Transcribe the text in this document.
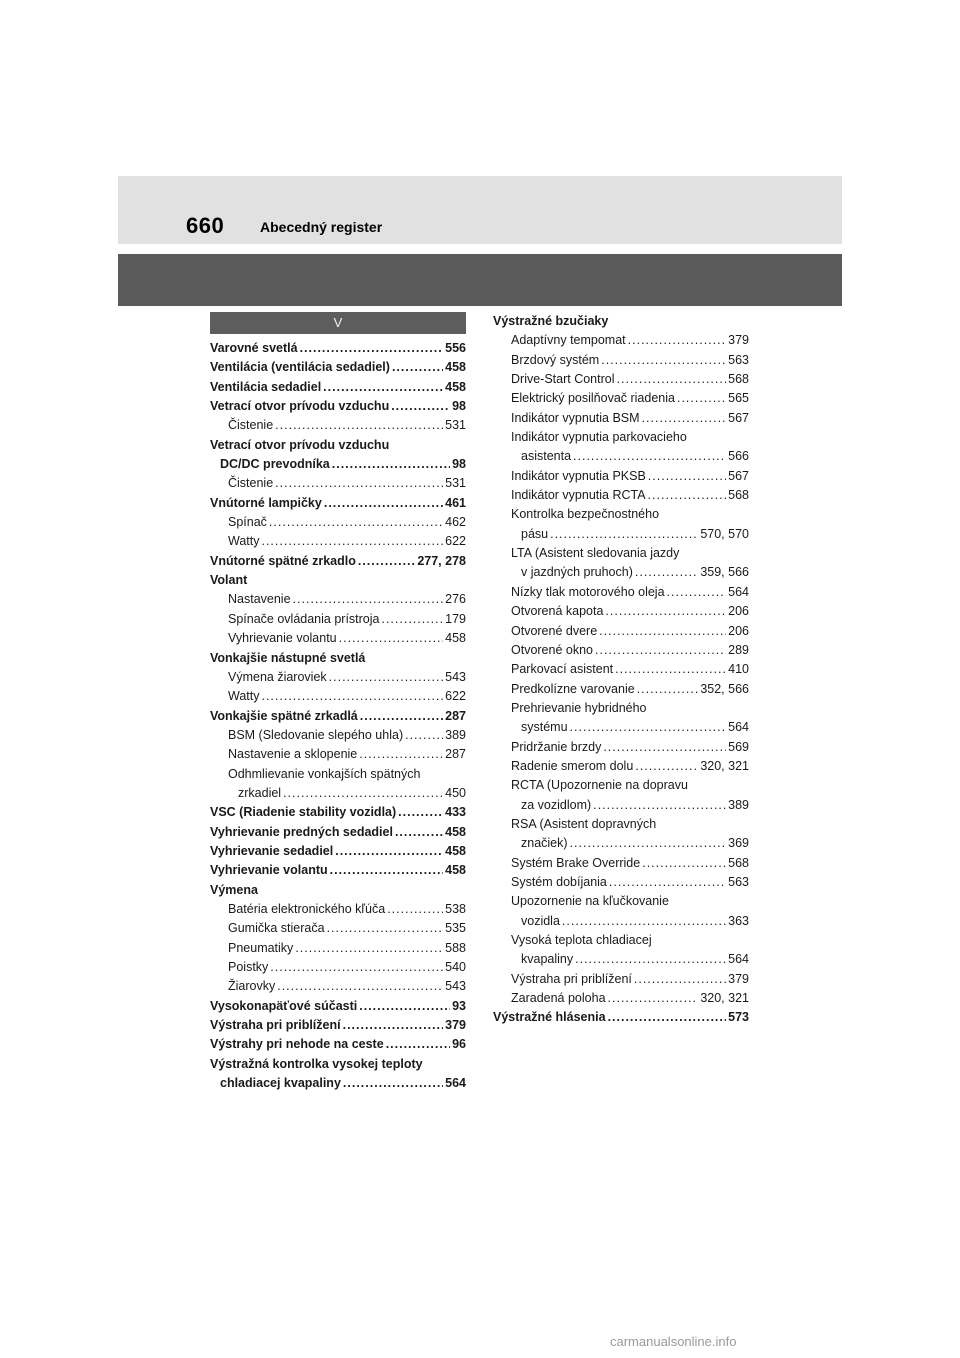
660	Abecedný register
V
Varovné svetlá .....	556
Ventilácia (ventilácia sedadiel) .....	458
Ventilácia sedadiel .....	458
Vetrací otvor prívodu vzduchu .....	98
Čistenie .....	531
Vetrací otvor prívodu vzduchu
DC/DC prevodníka .....	98
Čistenie .....	531
Vnútorné lampičky .....	461
Spínač .....	462
Watty .....	622
Vnútorné spätné zrkadlo .....	277, 278
Volant
Nastavenie .....	276
Spínače ovládania prístroja .....	179
Vyhrievanie volantu .....	458
Vonkajšie nástupné svetlá
Výmena žiaroviek .....	543
Watty .....	622
Vonkajšie spätné zrkadlá .....	287
BSM (Sledovanie slepého uhla) .....	389
Nastavenie a sklopenie .....	287
Odhmlievanie vonkajších spätných
zrkadiel .....	450
VSC (Riadenie stability vozidla) .....	433
Vyhrievanie predných sedadiel .....	458
Vyhrievanie sedadiel .....	458
Vyhrievanie volantu .....	458
Výmena
Batéria elektronického kľúča .....	538
Gumička stierača .....	535
Pneumatiky .....	588
Poistky .....	540
Žiarovky .....	543
Vysokonapäťové súčasti .....	93
Výstraha pri priblížení .....	379
Výstrahy pri nehode na ceste .....	96
Výstražná kontrolka vysokej teploty
chladiacej kvapaliny .....	564
Výstražné bzučiaky
Adaptívny tempomat .....	379
Brzdový systém .....	563
Drive-Start Control .....	568
Elektrický posilňovač riadenia .....	565
Indikátor vypnutia BSM .....	567
Indikátor vypnutia parkovacieho
asistenta .....	566
Indikátor vypnutia PKSB .....	567
Indikátor vypnutia RCTA .....	568
Kontrolka bezpečnostného
pásu .....	570, 570
LTA (Asistent sledovania jazdy
v jazdných pruhoch) .....	359, 566
Nízky tlak motorového oleja .....	564
Otvorená kapota .....	206
Otvorené dvere .....	206
Otvorené okno .....	289
Parkovací asistent .....	410
Predkolízne varovanie .....	352, 566
Prehrievanie hybridného
systému .....	564
Pridržanie brzdy .....	569
Radenie smerom dolu .....	320, 321
RCTA (Upozornenie na dopravu
za vozidlom) .....	389
RSA (Asistent dopravných
značiek) .....	369
Systém Brake Override .....	568
Systém dobíjania .....	563
Upozornenie na kľučkovanie
vozidla .....	363
Vysoká teplota chladiacej
kvapaliny .....	564
Výstraha pri priblížení .....	379
Zaradená poloha .....	320, 321
Výstražné hlásenia .....	573
carmanualsonline.info
